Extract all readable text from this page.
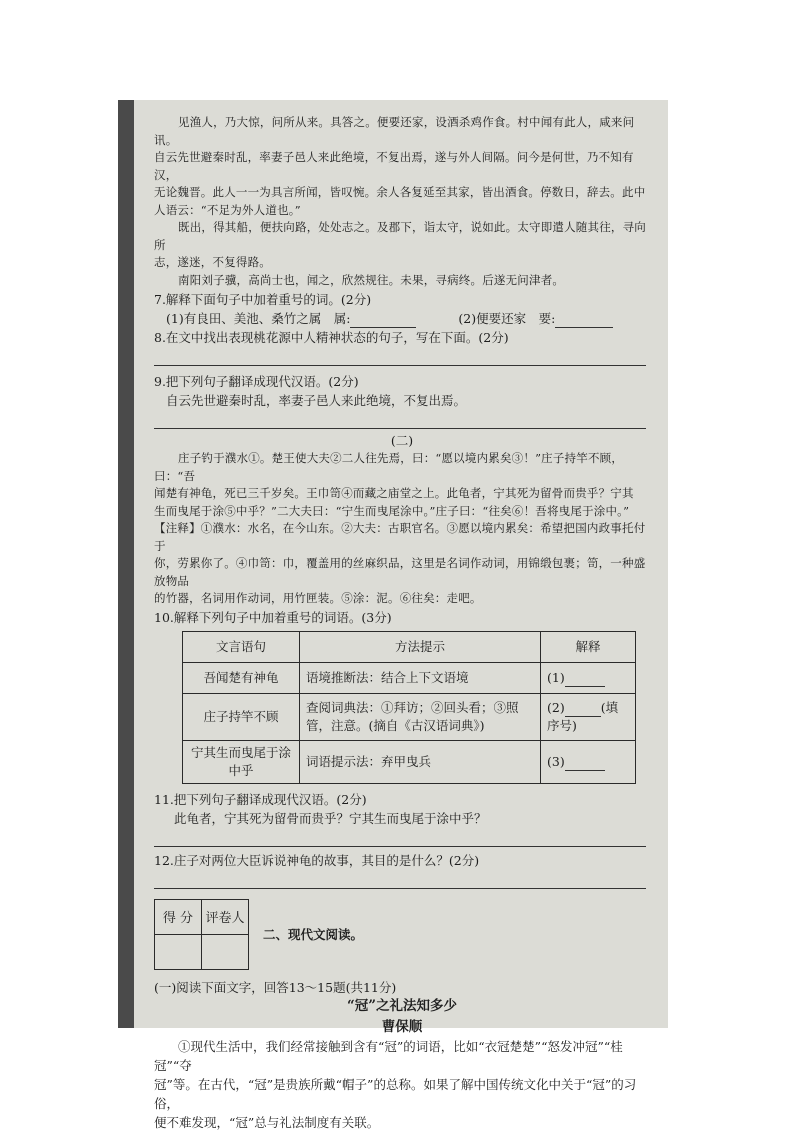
见渔人，乃大惊，问所从来。具答之。便要还家，设酒杀鸡作食。村中闻有此人，咸来问讯。

自云先世避秦时乱，率妻子邑人来此绝境，不复出焉，遂与外人间隔。问今是何世，乃不知有汉，

无论魏晋。此人一一为具言所闻，皆叹惋。余人各复延至其家，皆出酒食。停数日，辞去。此中

人语云：“不足为外人道也。”

既出，得其船，便扶向路，处处志之。及郡下，诣太守，说如此。太守即遣人随其往，寻向所

志，遂迷，不复得路。

南阳刘子骥，高尚士也，闻之，欣然规往。未果，寻病终。后遂无问津者。

7.解释下面句子中加着重号的词。(2分)

(1)有良田、美池、桑竹之属　属:	(2)便要还家　要:

8.在文中找出表现桃花源中人精神状态的句子，写在下面。(2分)

9.把下列句子翻译成现代汉语。(2分)

自云先世避秦时乱，率妻子邑人来此绝境，不复出焉。

(二)

庄子钓于濮水①。楚王使大夫②二人往先焉，曰：“愿以境内累矣③！”庄子持竿不顾，曰：“吾

闻楚有神龟，死已三千岁矣。王巾笥④而藏之庙堂之上。此龟者，宁其死为留骨而贵乎？宁其

生而曳尾于涂⑤中乎？”二大夫曰：“宁生而曳尾涂中。”庄子曰：“往矣⑥！吾将曳尾于涂中。”

【注释】①濮水：水名，在今山东。②大夫：古职官名。③愿以境内累矣：希望把国内政事托付于

你，劳累你了。④巾笥：巾，覆盖用的丝麻织品，这里是名词作动词，用锦缎包裹；笥，一种盛放物品

的竹器，名词用作动词，用竹匣装。⑤涂：泥。⑥往矣：走吧。

10.解释下列句子中加着重号的词语。(3分)

文言语句	方法提示	解释
吾闻楚有神龟	语境推断法：结合上下文语境	(1)
庄子持竿不顾	查阅词典法：①拜访；②回头看；③照管，注意。(摘自《古汉语词典》)	(2) (填序号)
宁其生而曳尾于涂中乎	词语提示法：弃甲曳兵	(3)

11.把下列句子翻译成现代汉语。(2分)

此龟者，宁其死为留骨而贵乎？宁其生而曳尾于涂中乎？

12.庄子对两位大臣诉说神龟的故事，其目的是什么？(2分)

得 分	评卷人

二、现代文阅读。

(一)阅读下面文字，回答13～15题(共11分)

“冠”之礼法知多少

曹保顺

①现代生活中，我们经常接触到含有“冠”的词语，比如“衣冠楚楚”“怒发冲冠”“桂冠”“夺

冠”等。在古代，“冠”是贵族所戴“帽子”的总称。如果了解中国传统文化中关于“冠”的习俗，

便不难发现，“冠”总与礼法制度有关联。
